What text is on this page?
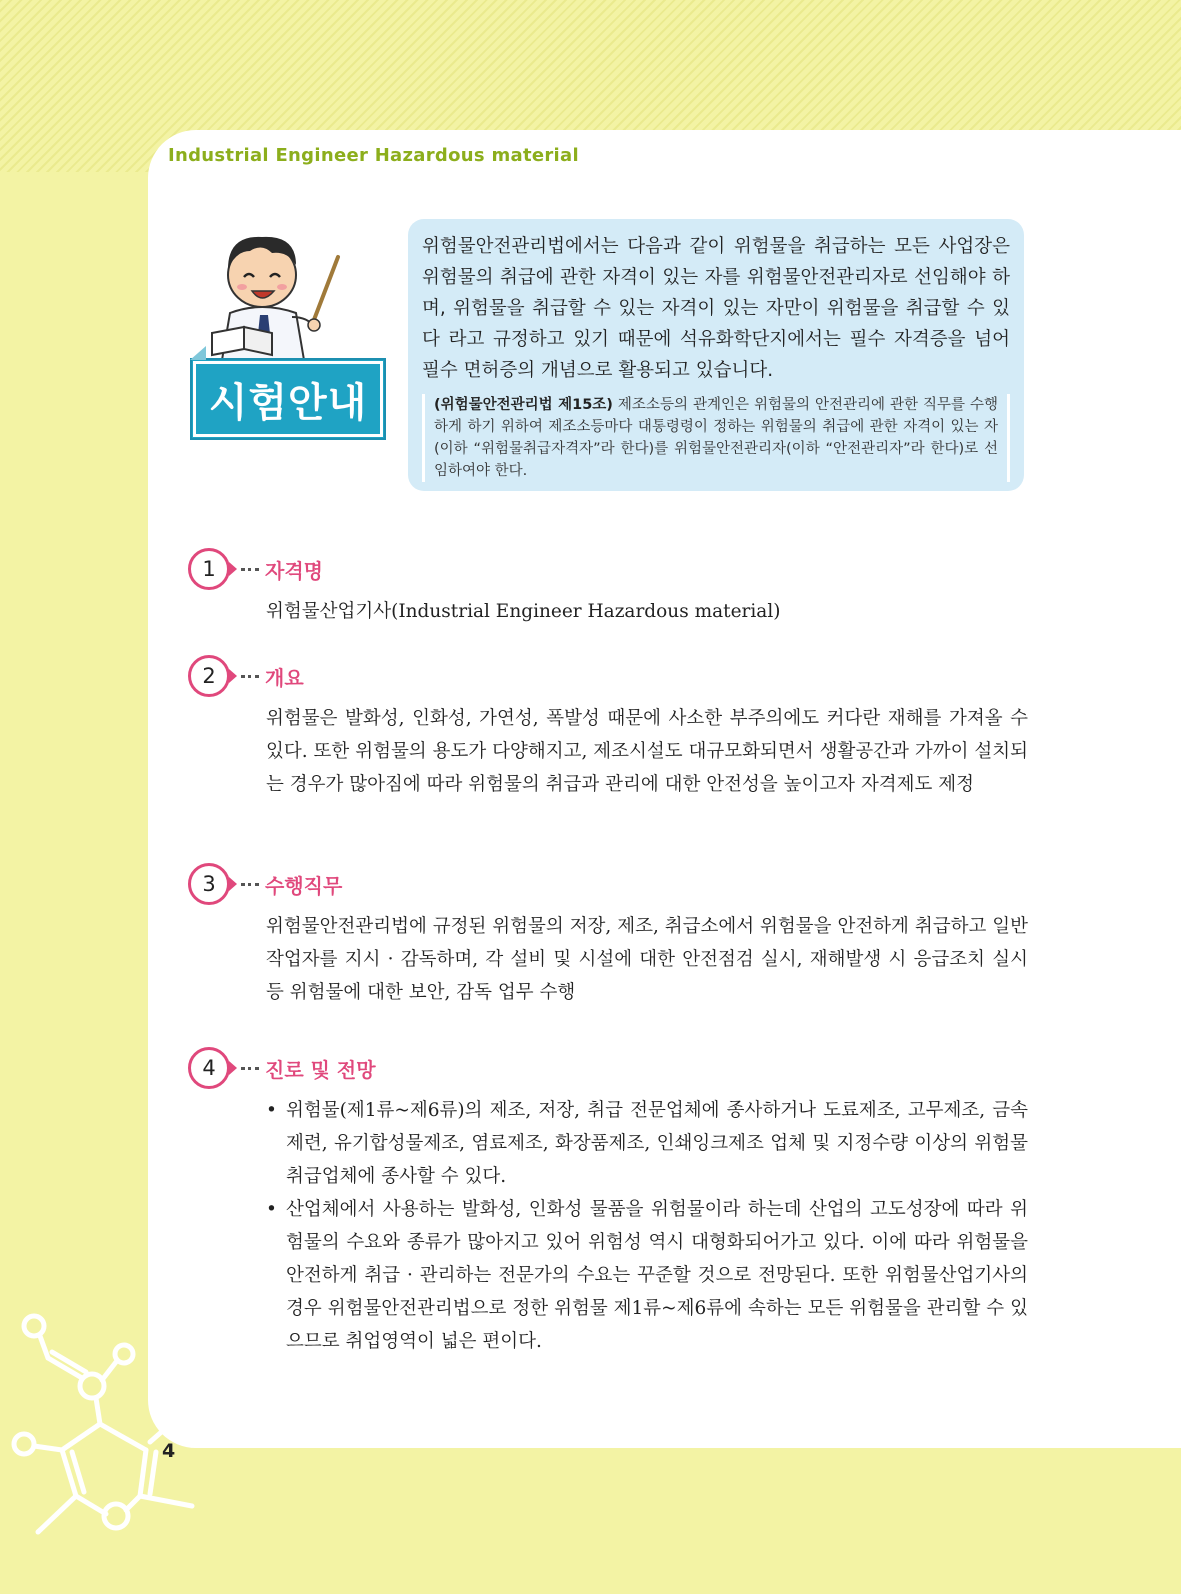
Industrial Engineer Hazardous material
시험안내

위험물안전관리법에서는 다음과 같이 위험물을 취급하는 모든 사업장은 위험물의 취급에 관한 자격이 있는 자를 위험물안전관리자로 선임해야 하며, 위험물을 취급할 수 있는 자격이 있는 자만이 위험물을 취급할 수 있다 라고 규정하고 있기 때문에 석유화학단지에서는 필수 자격증을 넘어 필수 면허증의 개념으로 활용되고 있습니다.

(위험물안전관리법 제15조) 제조소등의 관계인은 위험물의 안전관리에 관한 직무를 수행하게 하기 위하여 제조소등마다 대통령령이 정하는 위험물의 취급에 관한 자격이 있는 자(이하 “위험물취급자격자”라 한다)를 위험물안전관리자(이하 “안전관리자”라 한다)로 선임하여야 한다.
1	자격명
위험물산업기사(Industrial Engineer Hazardous material)
2	개요
위험물은 발화성, 인화성, 가연성, 폭발성 때문에 사소한 부주의에도 커다란 재해를 가져올 수 있다. 또한 위험물의 용도가 다양해지고, 제조시설도 대규모화되면서 생활공간과 가까이 설치되는 경우가 많아짐에 따라 위험물의 취급과 관리에 대한 안전성을 높이고자 자격제도 제정
3	수행직무
위험물안전관리법에 규정된 위험물의 저장, 제조, 취급소에서 위험물을 안전하게 취급하고 일반작업자를 지시 · 감독하며, 각 설비 및 시설에 대한 안전점검 실시, 재해발생 시 응급조치 실시 등 위험물에 대한 보안, 감독 업무 수행
4	진로 및 전망
• 위험물(제1류~제6류)의 제조, 저장, 취급 전문업체에 종사하거나 도료제조, 고무제조, 금속제련, 유기합성물제조, 염료제조, 화장품제조, 인쇄잉크제조 업체 및 지정수량 이상의 위험물 취급업체에 종사할 수 있다.
• 산업체에서 사용하는 발화성, 인화성 물품을 위험물이라 하는데 산업의 고도성장에 따라 위험물의 수요와 종류가 많아지고 있어 위험성 역시 대형화되어가고 있다. 이에 따라 위험물을 안전하게 취급 · 관리하는 전문가의 수요는 꾸준할 것으로 전망된다. 또한 위험물산업기사의 경우 위험물안전관리법으로 정한 위험물 제1류~제6류에 속하는 모든 위험물을 관리할 수 있으므로 취업영역이 넓은 편이다.
4
